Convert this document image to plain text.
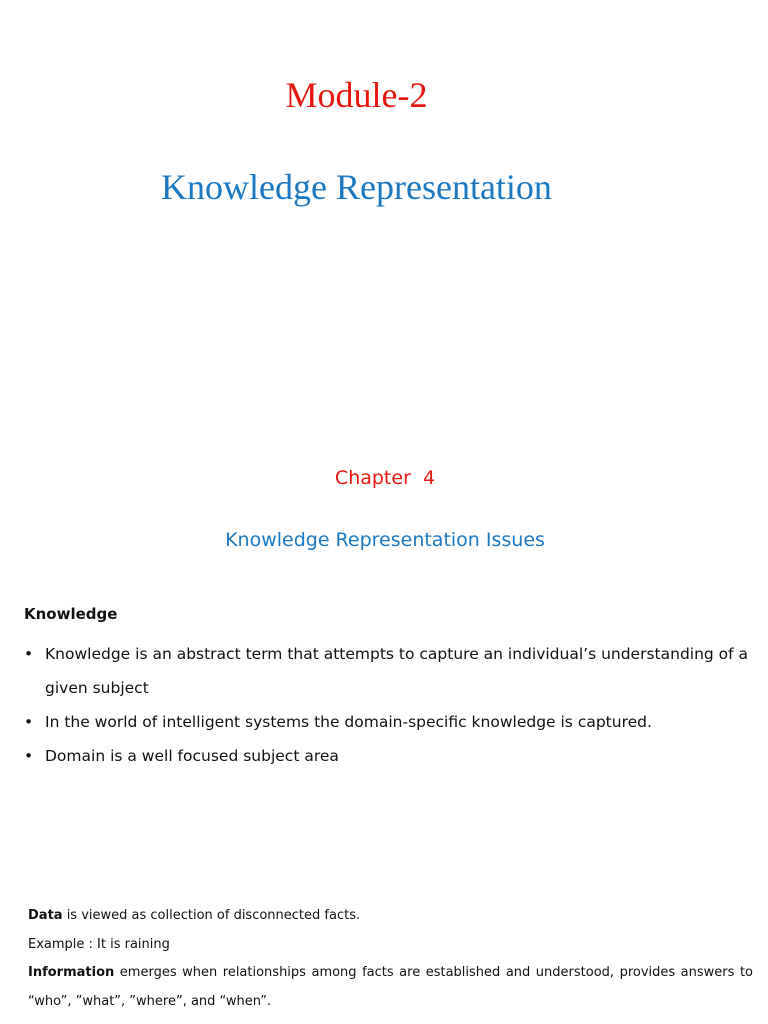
Module-2
Knowledge Representation
Chapter  4
Knowledge Representation Issues
Knowledge
• Knowledge is an abstract term that attempts to capture an individual’s understanding of a given subject
• In the world of intelligent systems the domain-specific knowledge is captured.
• Domain is a well focused subject area

Data is viewed as collection of disconnected facts.

Example : It is raining

Information emerges when relationships among facts are established and understood, provides answers to “who”, ”what”, ”where”, and “when”.
